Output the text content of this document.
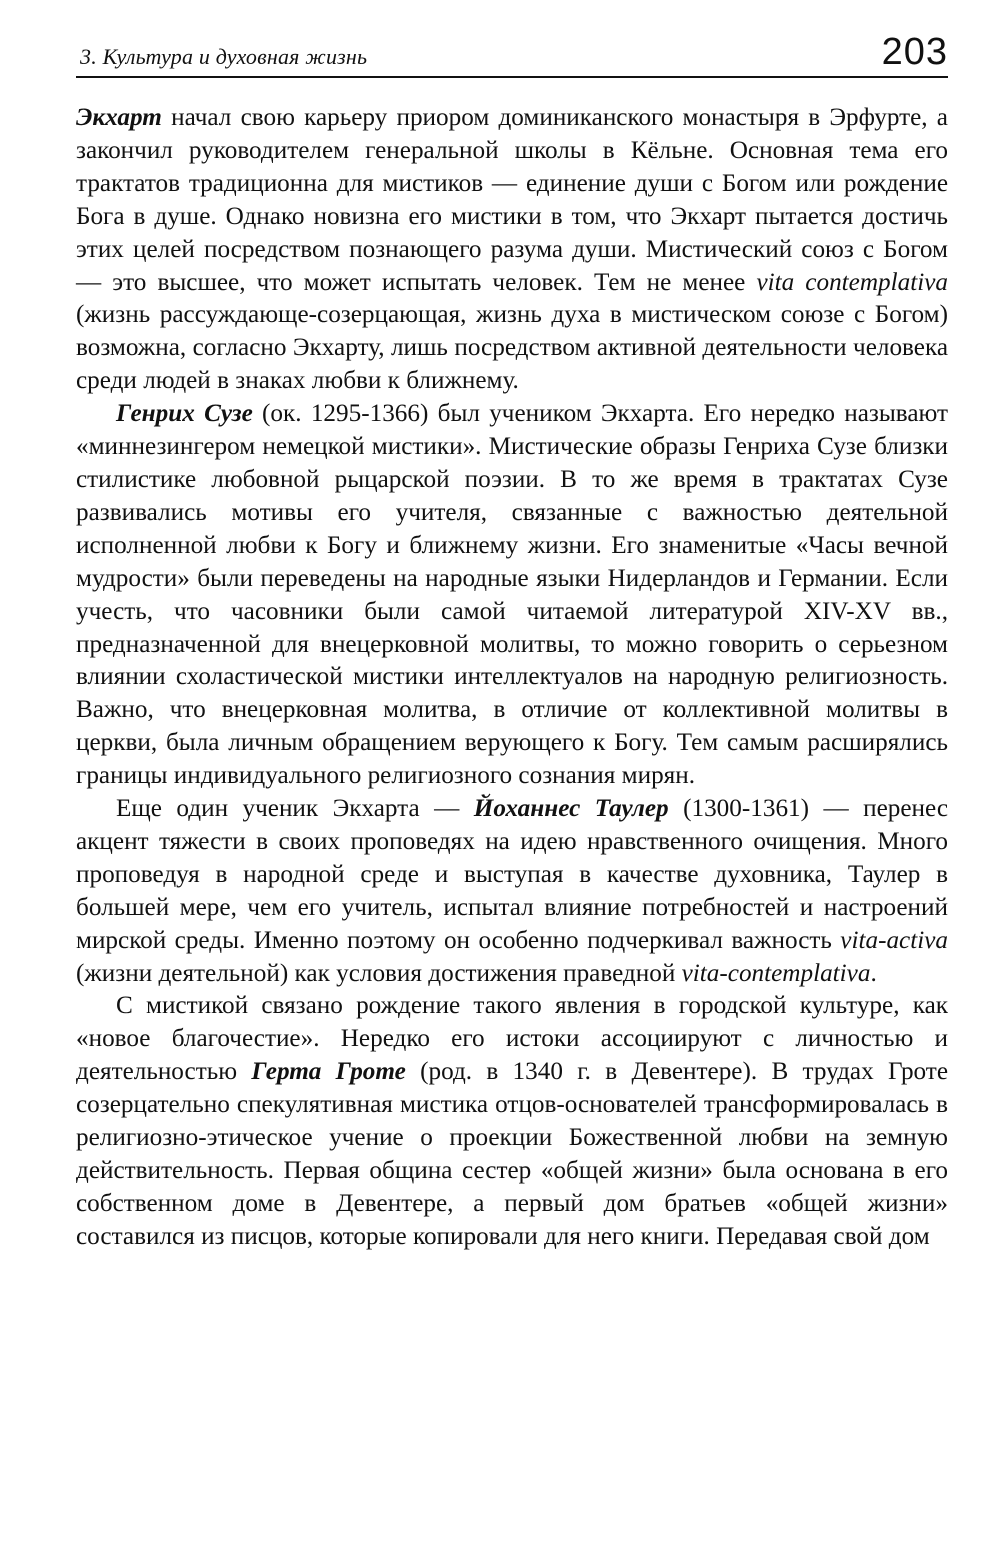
3. Культура и духовная жизнь	203

Экхарт начал свою карьеру приором доминиканского монастыря в Эрфурте, а закончил руководителем генеральной школы в Кёльне. Основная тема его трактатов традиционна для мистиков — единение души с Богом или рождение Бога в душе. Однако новизна его мистики в том, что Экхарт пытается достичь этих целей посредством познающего разума души. Мистический союз с Богом — это высшее, что может испытать человек. Тем не менее vita contemplativa (жизнь рассуждающе-созерцающая, жизнь духа в мистическом союзе с Богом) возможна, согласно Экхарту, лишь посредством активной деятельности человека среди людей в знаках любви к ближнему.

Генрих Сузе (ок. 1295-1366) был учеником Экхарта. Его нередко называют «миннезингером немецкой мистики». Мистические образы Генриха Сузе близки стилистике любовной рыцарской поэзии. В то же время в трактатах Сузе развивались мотивы его учителя, связанные с важностью деятельной исполненной любви к Богу и ближнему жизни. Его знаменитые «Часы вечной мудрости» были переведены на народные языки Нидерландов и Германии. Если учесть, что часовники были самой читаемой литературой XIV-XV вв., предназначенной для внецерковной молитвы, то можно говорить о серьезном влиянии схоластической мистики интеллектуалов на народную религиозность. Важно, что внецерковная молитва, в отличие от коллективной молитвы в церкви, была личным обращением верующего к Богу. Тем самым расширялись границы индивидуального религиозного сознания мирян.

Еще один ученик Экхарта — Йоханнес Таулер (1300-1361) — перенес акцент тяжести в своих проповедях на идею нравственного очищения. Много проповедуя в народной среде и выступая в качестве духовника, Таулер в большей мере, чем его учитель, испытал влияние потребностей и настроений мирской среды. Именно поэтому он особенно подчеркивал важность vita-activa (жизни деятельной) как условия достижения праведной vita-contemplativa.

С мистикой связано рождение такого явления в городской культуре, как «новое благочестие». Нередко его истоки ассоциируют с личностью и деятельностью Герта Гроте (род. в 1340 г. в Девентере). В трудах Гроте созерцательно спекулятивная мистика отцов-основателей трансформировалась в религиозно-этическое учение о проекции Божественной любви на земную действительность. Первая община сестер «общей жизни» была основана в его собственном доме в Девентере, а первый дом братьев «общей жизни» составился из писцов, которые копировали для него книги. Передавая свой дом
